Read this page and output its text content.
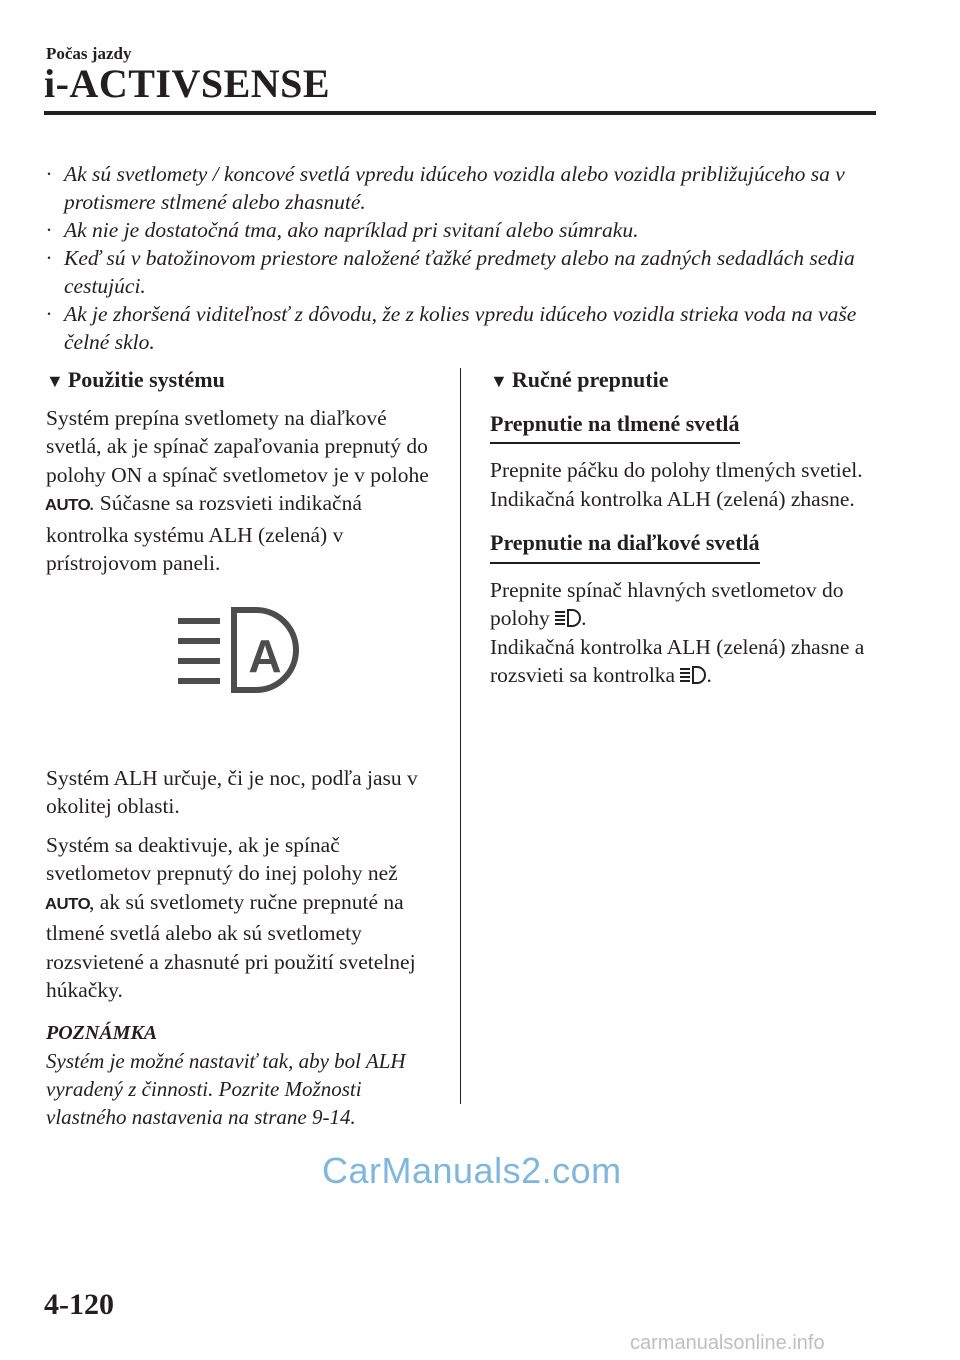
Počas jazdy
i-ACTIVSENSE
· Ak sú svetlomety / koncové svetlá vpredu idúceho vozidla alebo vozidla približujúceho sa v protismere stlmené alebo zhasnuté.
· Ak nie je dostatočná tma, ako napríklad pri svitaní alebo súmraku.
· Keď sú v batožinovom priestore naložené ťažké predmety alebo na zadných sedadlách sedia cestujúci.
· Ak je zhoršená viditeľnosť z dôvodu, že z kolies vpredu idúceho vozidla strieka voda na vaše čelné sklo.
▼ Použitie systému

Systém prepína svetlomety na diaľkové svetlá, ak je spínač zapaľovania prepnutý do polohy ON a spínač svetlometov je v polohe AUTO. Súčasne sa rozsvieti indikačná kontrolka systému ALH (zelená) v prístrojovom paneli.

A

Systém ALH určuje, či je noc, podľa jasu v okolitej oblasti.

Systém sa deaktivuje, ak je spínač svetlometov prepnutý do inej polohy než AUTO, ak sú svetlomety ručne prepnuté na tlmené svetlá alebo ak sú svetlomety rozsvietené a zhasnuté pri použití svetelnej húkačky.

POZNÁMKA
Systém je možné nastaviť tak, aby bol ALH vyradený z činnosti. Pozrite Možnosti vlastného nastavenia na strane 9-14.
▼ Ručné prepnutie
Prepnutie na tlmené svetlá

Prepnite páčku do polohy tlmených svetiel.

Indikačná kontrolka ALH (zelená) zhasne.

Prepnutie na diaľkové svetlá

Prepnite spínač hlavných svetlometov do polohy .

Indikačná kontrolka ALH (zelená) zhasne a rozsvieti sa kontrolka .

CarManuals2.com
4-120
carmanualsonline.info
